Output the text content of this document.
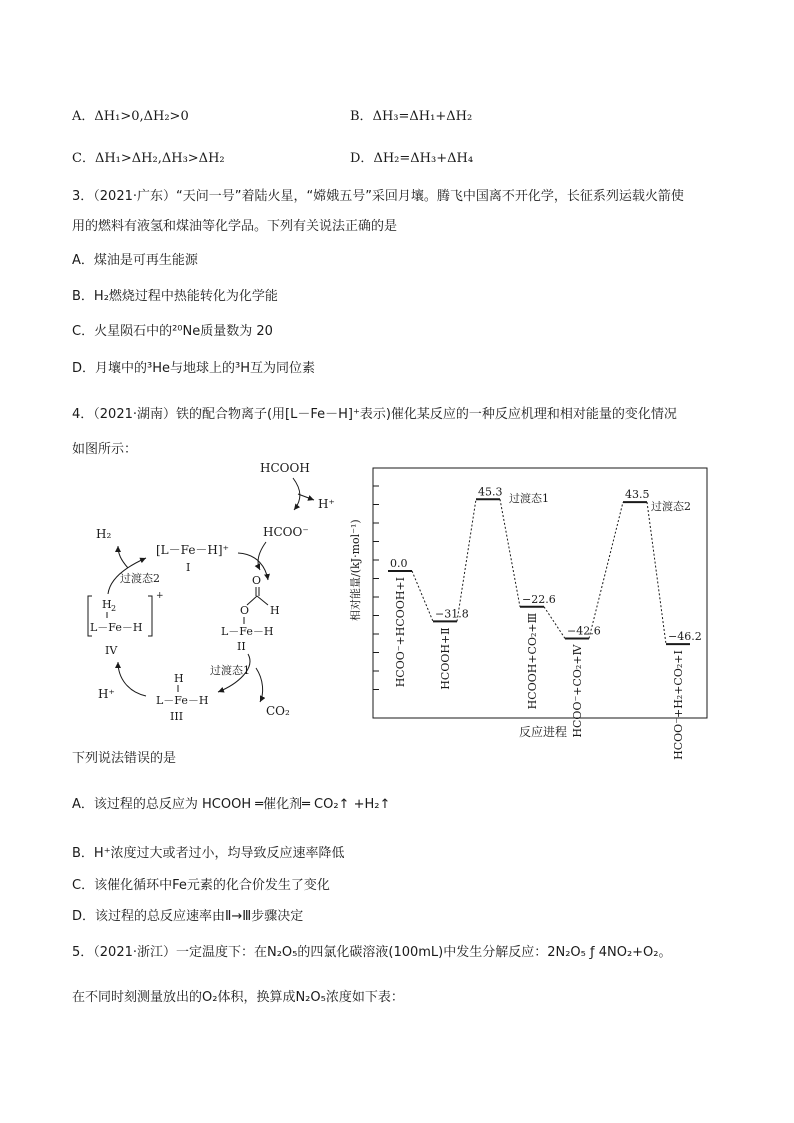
A．ΔH₁>0,ΔH₂>0	B．ΔH₃=ΔH₁+ΔH₂
C．ΔH₁>ΔH₂,ΔH₃>ΔH₂	D．ΔH₂=ΔH₃+ΔH₄
3．（2021·广东）“天问一号”着陆火星，“嫦娥五号”采回月壤。腾飞中国离不开化学，长征系列运载火箭使
用的燃料有液氢和煤油等化学品。下列有关说法正确的是
A．煤油是可再生能源
B．H₂燃烧过程中热能转化为化学能
C．火星陨石中的²⁰Ne质量数为 20
D．月壤中的³He与地球上的³H互为同位素
4．（2021·湖南）铁的配合物离子(用[L－Fe－H]⁺表示)催化某反应的一种反应机理和相对能量的变化情况
如图所示：
HCOOH
H⁺
HCOO⁻
H₂
[L－Fe－H]⁺
I
过渡态2
+
H 2
L－Fe－H
IV
O
O H
L－Fe－H
II
过渡态1
CO₂
H
L－Fe－H
III
H⁺
相对能量/(kJ·mol⁻¹)
反应进程
0.0
HCOO⁻+HCOOH+Ⅰ	−31.8
HCOOH+Ⅱ
45.3
−22.6
HCOOH+CO₂+Ⅲ	−42.6
HCOO⁻+CO₂+Ⅳ
43.5
−46.2
HCOO⁻+H₂+CO₂+Ⅰ
过渡态1
过渡态2
下列说法错误的是
A．该过程的总反应为 HCOOH ═催化剂═ CO₂↑ +H₂↑
B．H⁺浓度过大或者过小，均导致反应速率降低
C．该催化循环中Fe元素的化合价发生了变化
D．该过程的总反应速率由Ⅱ→Ⅲ步骤决定
5．（2021·浙江）一定温度下：在N₂O₅的四氯化碳溶液(100mL)中发生分解反应：2N₂O₅ ƒ 4NO₂+O₂。
在不同时刻测量放出的O₂体积，换算成N₂O₅浓度如下表：
